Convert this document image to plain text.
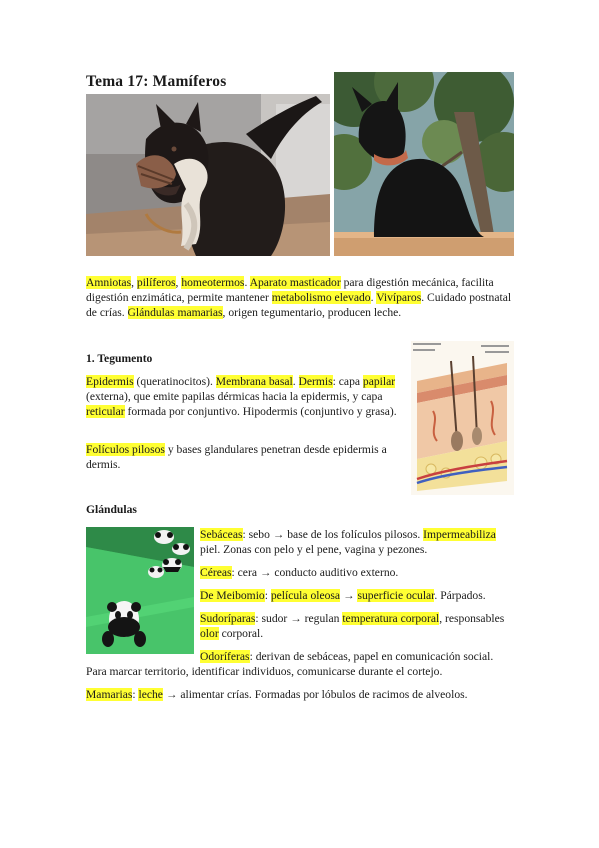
Tema 17: Mamíferos

Amniotas, pilíferos, homeotermos. Aparato masticador para digestión mecánica, facilita digestión enzimática, permite mantener metabolismo elevado. Vivíparos. Cuidado postnatal de crías. Glándulas mamarias, origen tegumentario, producen leche.

1. Tegumento

Epidermis (queratinocitos). Membrana basal. Dermis: capa papilar (externa), que emite papilas dérmicas hacia la epidermis, y capa reticular formada por conjuntivo. Hipodermis (conjuntivo y grasa).

Folículos pilosos y bases glandulares penetran desde epidermis a dermis.

Glándulas

Sebáceas: sebo → base de los folículos pilosos. Impermeabiliza piel. Zonas con pelo y el pene, vagina y pezones.

Céreas: cera → conducto auditivo externo.

De Meibomio: película oleosa → superficie ocular. Párpados.

Sudoríparas: sudor → regulan temperatura corporal, responsables olor corporal.

Odoríferas: derivan de sebáceas, papel en comunicación social. Para marcar territorio, identificar individuos, comunicarse durante el cortejo.

Mamarias: leche → alimentar crías. Formadas por lóbulos de racimos de alveolos.
